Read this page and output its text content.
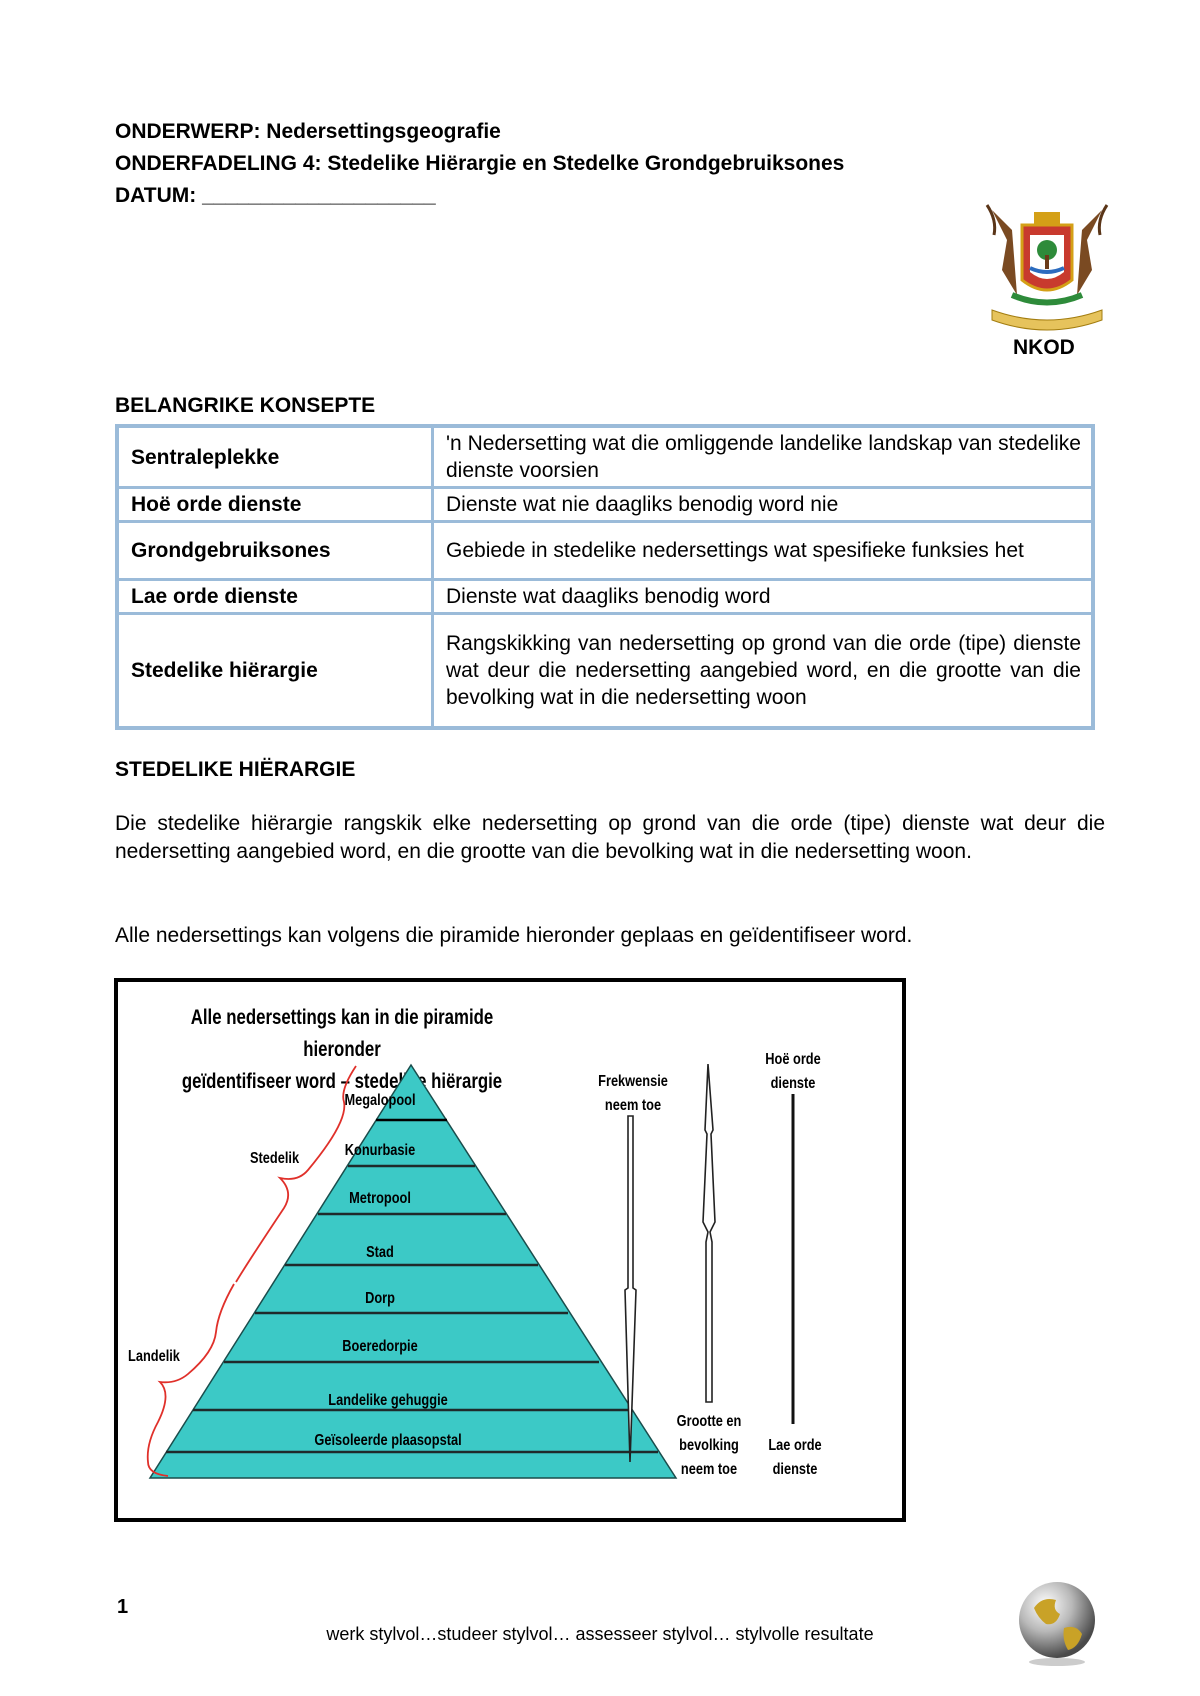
ONDERWERP: Nedersettingsgeografie
ONDERFADELING 4: Stedelike Hiërargie en Stedelke Grondgebruiksones
DATUM: ____________________
NKOD
BELANGRIKE KONSEPTE
Sentraleplekke	'n Nedersetting wat die omliggende landelike landskap van stedelike dienste voorsien
Hoë orde dienste	Dienste wat nie daagliks benodig word nie
Grondgebruiksones	Gebiede in stedelike nedersettings wat spesifieke funksies het
Lae orde dienste	Dienste wat daagliks benodig word
Stedelike hiërargie	Rangskikking van nedersetting op grond van die orde (tipe) dienste wat deur die nedersetting aangebied word, en die grootte van die bevolking wat in die nedersetting woon
STEDELIKE HIËRARGIE
Die stedelike hiërargie rangskik elke nedersetting op grond van die orde (tipe) dienste wat deur die nedersetting aangebied word, en die grootte van die bevolking wat in die nedersetting woon.
Alle nedersettings kan volgens die piramide hieronder geplaas en geïdentifiseer word.
Alle nedersettings kan in die piramide hieronder
geïdentifiseer word – stedelike hiërargie
Megalopool
Konurbasie
Metropool
Stad
Dorp
Boeredorpie
Landelike gehuggie
Geïsoleerde plaasopstal
Stedelik
Landelik
Frekwensie
neem toe
Grootte en
bevolking
neem toe
Hoë orde
dienste
Lae orde
dienste
1
werk stylvol…studeer stylvol… assesseer stylvol… stylvolle resultate
